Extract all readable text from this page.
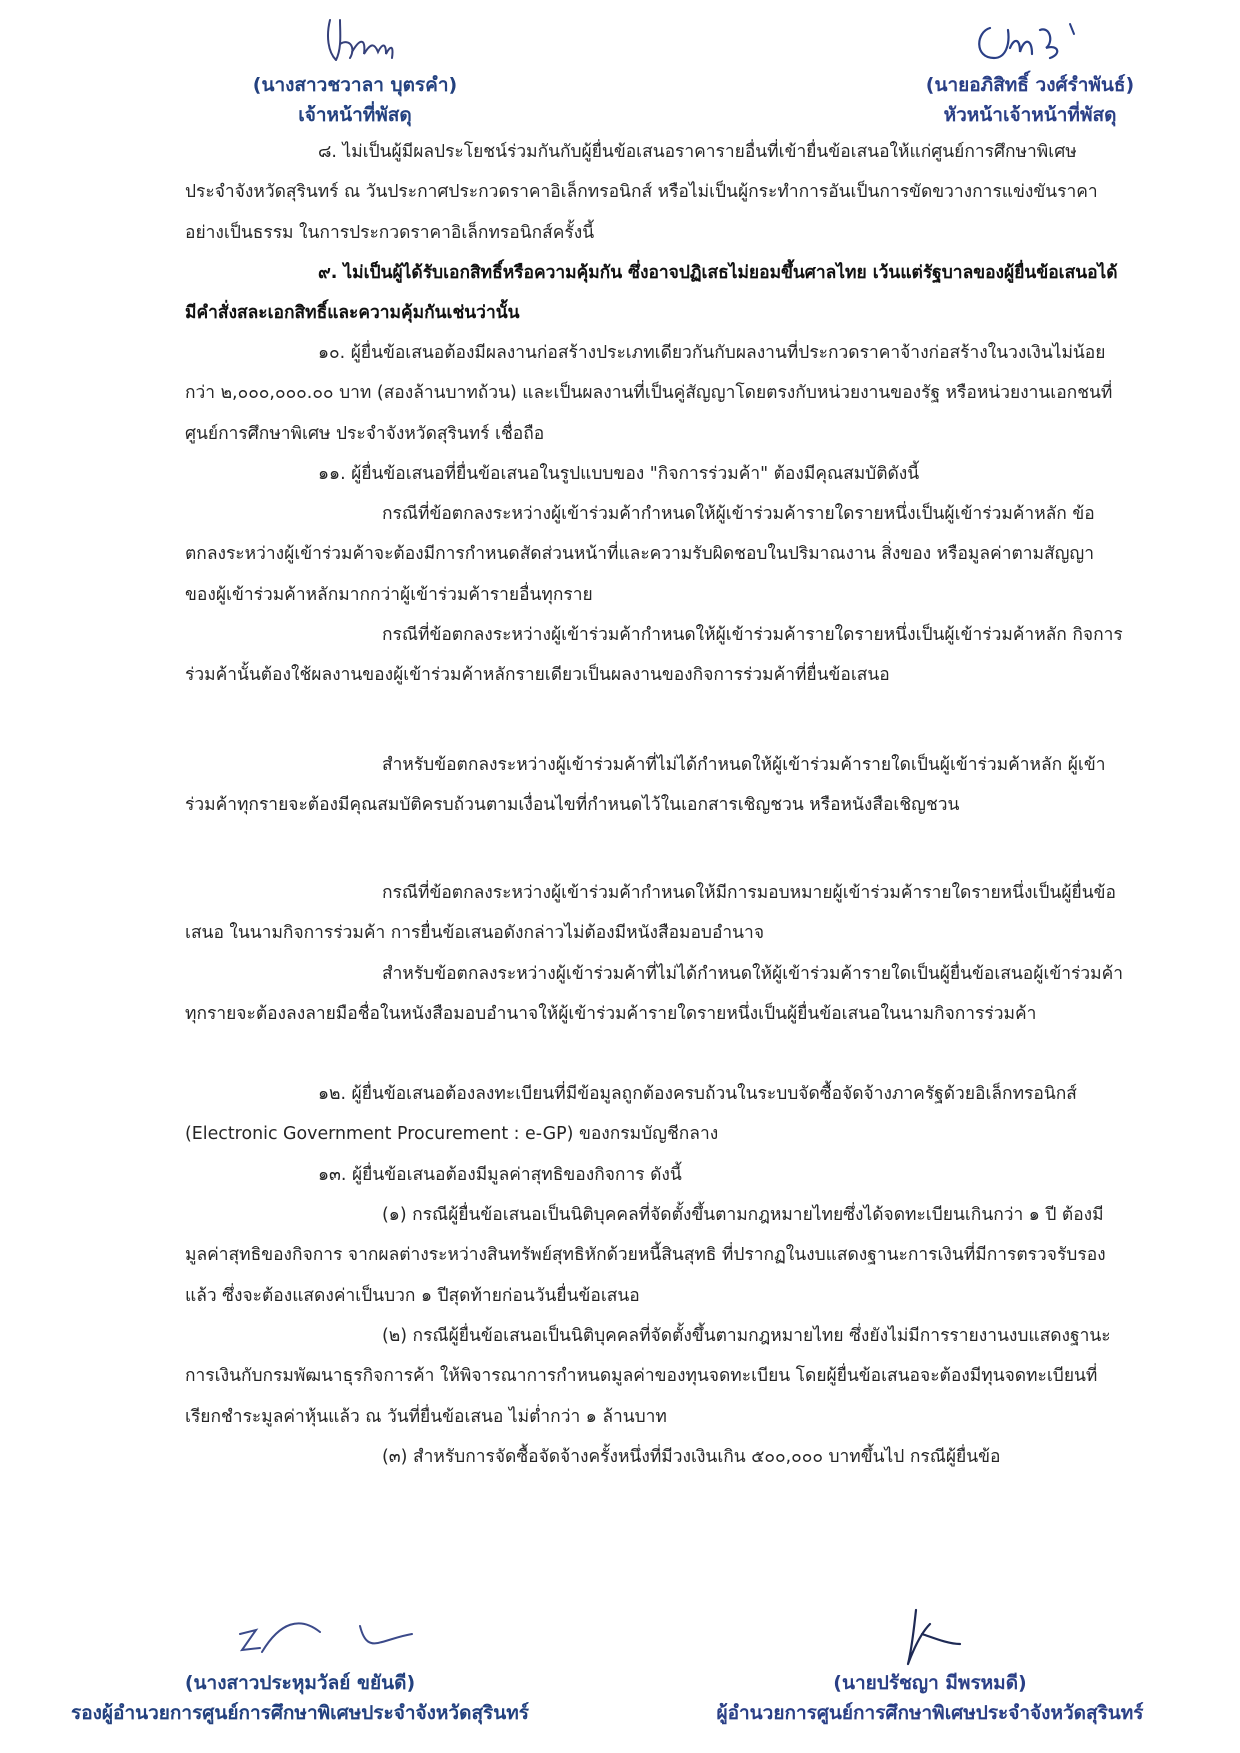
(นางสาวชวาลา บุตรคำ)
เจ้าหน้าที่พัสดุ
(นายอภิสิทธิ์ วงศ์รำพันธ์)
หัวหน้าเจ้าหน้าที่พัสดุ

๘. ไม่เป็นผู้มีผลประโยชน์ร่วมกันกับผู้ยื่นข้อเสนอราคารายอื่นที่เข้ายื่นข้อเสนอให้แก่ศูนย์การศึกษาพิเศษ ประจำจังหวัดสุรินทร์ ณ วันประกาศประกวดราคาอิเล็กทรอนิกส์ หรือไม่เป็นผู้กระทำการอันเป็นการขัดขวางการแข่งขันราคาอย่างเป็นธรรม ในการประกวดราคาอิเล็กทรอนิกส์ครั้งนี้

๙. ไม่เป็นผู้ได้รับเอกสิทธิ์หรือความคุ้มกัน ซึ่งอาจปฏิเสธไม่ยอมขึ้นศาลไทย เว้นแต่รัฐบาลของผู้ยื่นข้อเสนอได้มีคำสั่งสละเอกสิทธิ์และความคุ้มกันเช่นว่านั้น

๑๐. ผู้ยื่นข้อเสนอต้องมีผลงานก่อสร้างประเภทเดียวกันกับผลงานที่ประกวดราคาจ้างก่อสร้างในวงเงินไม่น้อยกว่า ๒,๐๐๐,๐๐๐.๐๐ บาท (สองล้านบาทถ้วน) และเป็นผลงานที่เป็นคู่สัญญาโดยตรงกับหน่วยงานของรัฐ หรือหน่วยงานเอกชนที่ ศูนย์การศึกษาพิเศษ ประจำจังหวัดสุรินทร์ เชื่อถือ

๑๑. ผู้ยื่นข้อเสนอที่ยื่นข้อเสนอในรูปแบบของ "กิจการร่วมค้า" ต้องมีคุณสมบัติดังนี้

กรณีที่ข้อตกลงระหว่างผู้เข้าร่วมค้ากำหนดให้ผู้เข้าร่วมค้ารายใดรายหนึ่งเป็นผู้เข้าร่วมค้าหลัก ข้อตกลงระหว่างผู้เข้าร่วมค้าจะต้องมีการกำหนดสัดส่วนหน้าที่และความรับผิดชอบในปริมาณงาน สิ่งของ หรือมูลค่าตามสัญญาของผู้เข้าร่วมค้าหลักมากกว่าผู้เข้าร่วมค้ารายอื่นทุกราย

กรณีที่ข้อตกลงระหว่างผู้เข้าร่วมค้ากำหนดให้ผู้เข้าร่วมค้ารายใดรายหนึ่งเป็นผู้เข้าร่วมค้าหลัก กิจการร่วมค้านั้นต้องใช้ผลงานของผู้เข้าร่วมค้าหลักรายเดียวเป็นผลงานของกิจการร่วมค้าที่ยื่นข้อเสนอ

สำหรับข้อตกลงระหว่างผู้เข้าร่วมค้าที่ไม่ได้กำหนดให้ผู้เข้าร่วมค้ารายใดเป็นผู้เข้าร่วมค้าหลัก ผู้เข้าร่วมค้าทุกรายจะต้องมีคุณสมบัติครบถ้วนตามเงื่อนไขที่กำหนดไว้ในเอกสารเชิญชวน หรือหนังสือเชิญชวน

กรณีที่ข้อตกลงระหว่างผู้เข้าร่วมค้ากำหนดให้มีการมอบหมายผู้เข้าร่วมค้ารายใดรายหนึ่งเป็นผู้ยื่นข้อเสนอ ในนามกิจการร่วมค้า การยื่นข้อเสนอดังกล่าวไม่ต้องมีหนังสือมอบอำนาจ

สำหรับข้อตกลงระหว่างผู้เข้าร่วมค้าที่ไม่ได้กำหนดให้ผู้เข้าร่วมค้ารายใดเป็นผู้ยื่นข้อเสนอผู้เข้าร่วมค้าทุกรายจะต้องลงลายมือชื่อในหนังสือมอบอำนาจให้ผู้เข้าร่วมค้ารายใดรายหนึ่งเป็นผู้ยื่นข้อเสนอในนามกิจการร่วมค้า

๑๒. ผู้ยื่นข้อเสนอต้องลงทะเบียนที่มีข้อมูลถูกต้องครบถ้วนในระบบจัดซื้อจัดจ้างภาครัฐด้วยอิเล็กทรอนิกส์ (Electronic Government Procurement : e-GP) ของกรมบัญชีกลาง

๑๓. ผู้ยื่นข้อเสนอต้องมีมูลค่าสุทธิของกิจการ ดังนี้

(๑) กรณีผู้ยื่นข้อเสนอเป็นนิติบุคคลที่จัดตั้งขึ้นตามกฎหมายไทยซึ่งได้จดทะเบียนเกินกว่า ๑ ปี ต้องมีมูลค่าสุทธิของกิจการ จากผลต่างระหว่างสินทรัพย์สุทธิหักด้วยหนี้สินสุทธิ ที่ปรากฏในงบแสดงฐานะการเงินที่มีการตรวจรับรองแล้ว ซึ่งจะต้องแสดงค่าเป็นบวก ๑ ปีสุดท้ายก่อนวันยื่นข้อเสนอ

(๒) กรณีผู้ยื่นข้อเสนอเป็นนิติบุคคลที่จัดตั้งขึ้นตามกฎหมายไทย ซึ่งยังไม่มีการรายงานงบแสดงฐานะการเงินกับกรมพัฒนาธุรกิจการค้า ให้พิจารณาการกำหนดมูลค่าของทุนจดทะเบียน โดยผู้ยื่นข้อเสนอจะต้องมีทุนจดทะเบียนที่เรียกชำระมูลค่าหุ้นแล้ว ณ วันที่ยื่นข้อเสนอ ไม่ต่ำกว่า ๑ ล้านบาท

(๓) สำหรับการจัดซื้อจัดจ้างครั้งหนึ่งที่มีวงเงินเกิน ๕๐๐,๐๐๐ บาทขึ้นไป กรณีผู้ยื่นข้อ

(นางสาวประหุมวัลย์ ขยันดี)
รองผู้อำนวยการศูนย์การศึกษาพิเศษประจำจังหวัดสุรินทร์
(นายปรัชญา มีพรหมดี)
ผู้อำนวยการศูนย์การศึกษาพิเศษประจำจังหวัดสุรินทร์
